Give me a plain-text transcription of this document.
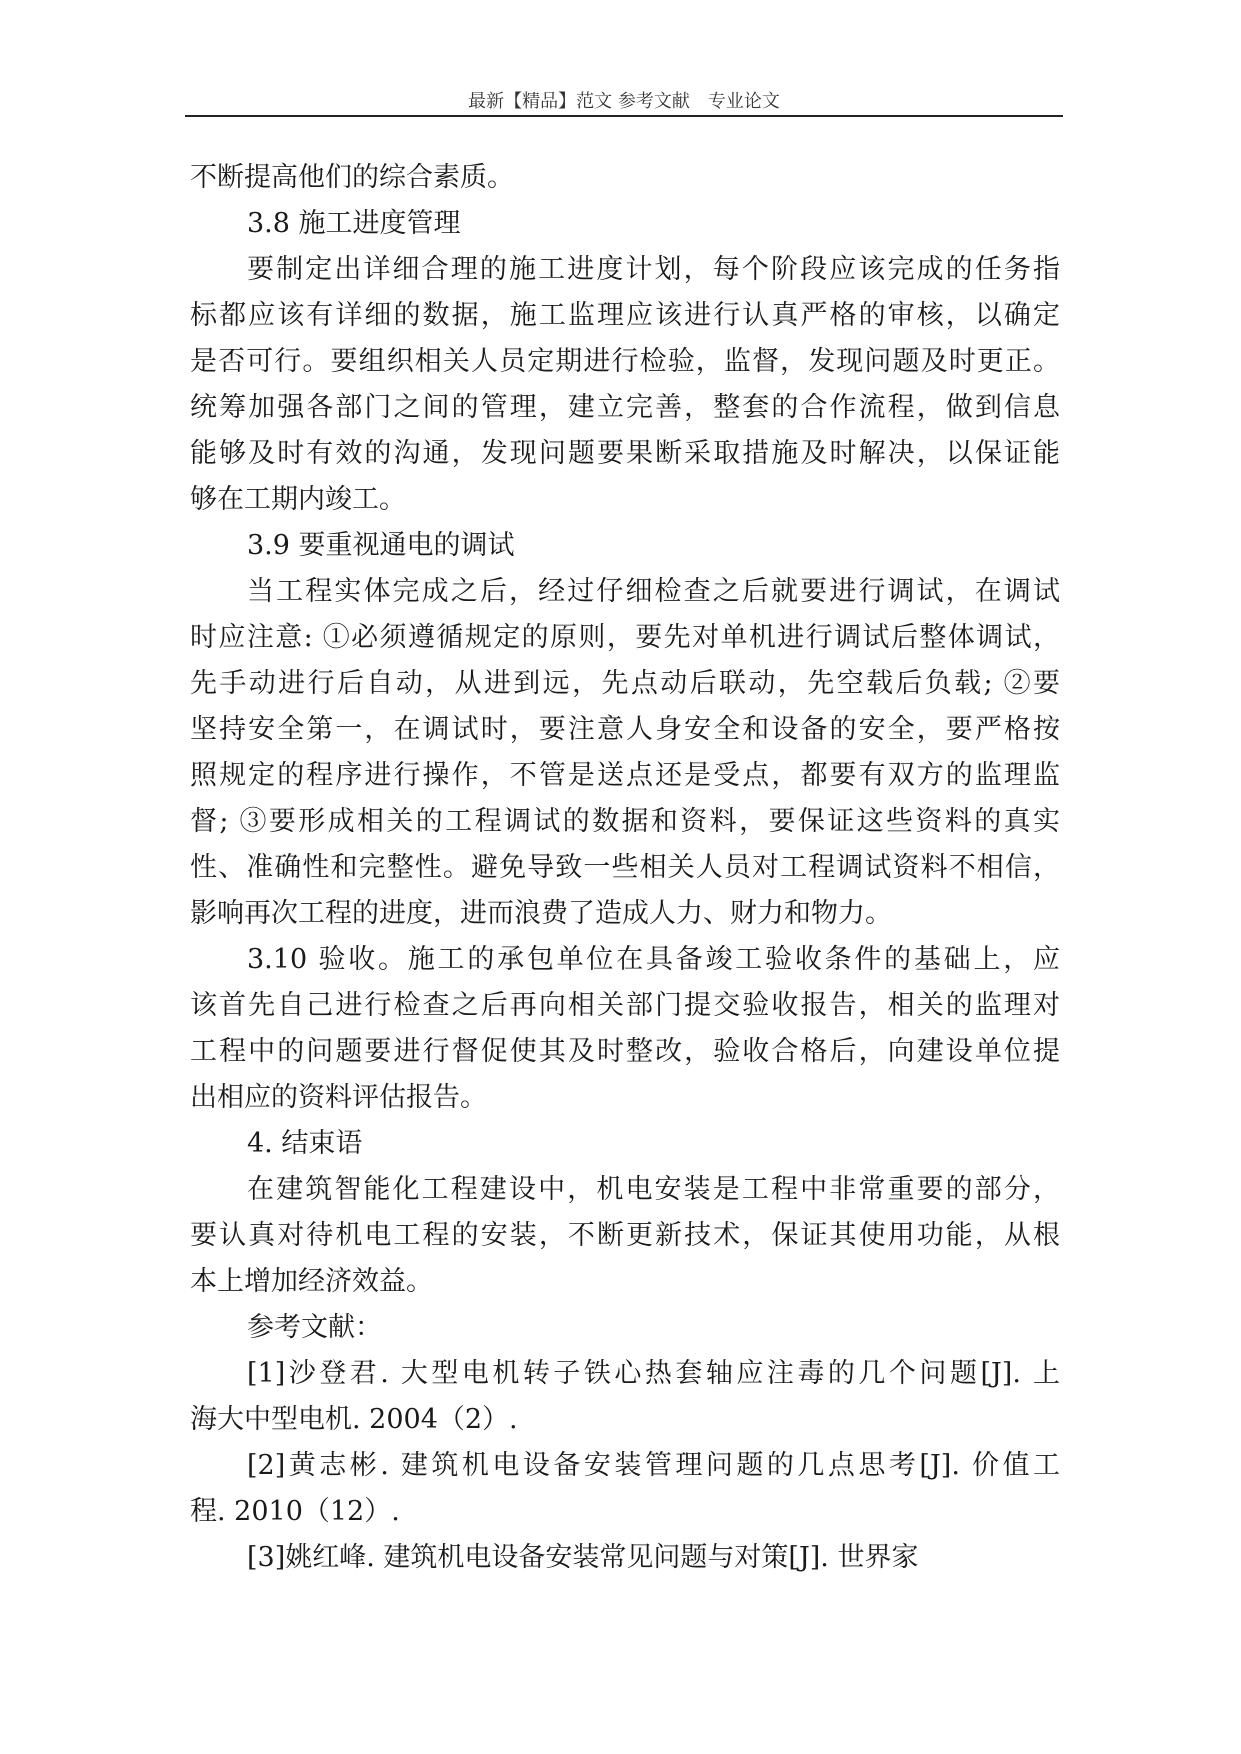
最新【精品】范文 参考文献　专业论文
不断提高他们的综合素质。
3.8 施工进度管理
要制定出详细合理的施工进度计划，每个阶段应该完成的任务指
标都应该有详细的数据，施工监理应该进行认真严格的审核，以确定
是否可行。要组织相关人员定期进行检验，监督，发现问题及时更正。
统筹加强各部门之间的管理，建立完善，整套的合作流程，做到信息
能够及时有效的沟通，发现问题要果断采取措施及时解决，以保证能
够在工期内竣工。
3.9 要重视通电的调试
当工程实体完成之后，经过仔细检查之后就要进行调试，在调试
时应注意: ①必须遵循规定的原则，要先对单机进行调试后整体调试，
先手动进行后自动，从进到远，先点动后联动，先空载后负载; ②要
坚持安全第一，在调试时，要注意人身安全和设备的安全，要严格按
照规定的程序进行操作，不管是送点还是受点，都要有双方的监理监
督; ③要形成相关的工程调试的数据和资料，要保证这些资料的真实
性、准确性和完整性。避免导致一些相关人员对工程调试资料不相信，
影响再次工程的进度，进而浪费了造成人力、财力和物力。
3.10 验收。施工的承包单位在具备竣工验收条件的基础上，应
该首先自己进行检查之后再向相关部门提交验收报告，相关的监理对
工程中的问题要进行督促使其及时整改，验收合格后，向建设单位提
出相应的资料评估报告。
4. 结束语
在建筑智能化工程建设中，机电安装是工程中非常重要的部分，
要认真对待机电工程的安装，不断更新技术，保证其使用功能，从根
本上增加经济效益。
参考文献：
[1]沙登君. 大型电机转子铁心热套轴应注毒的几个问题[J]. 上
海大中型电机. 2004（2）.
[2]黄志彬. 建筑机电设备安装管理问题的几点思考[J]. 价值工
程. 2010（12）.
[3]姚红峰. 建筑机电设备安装常见问题与对策[J]. 世界家
